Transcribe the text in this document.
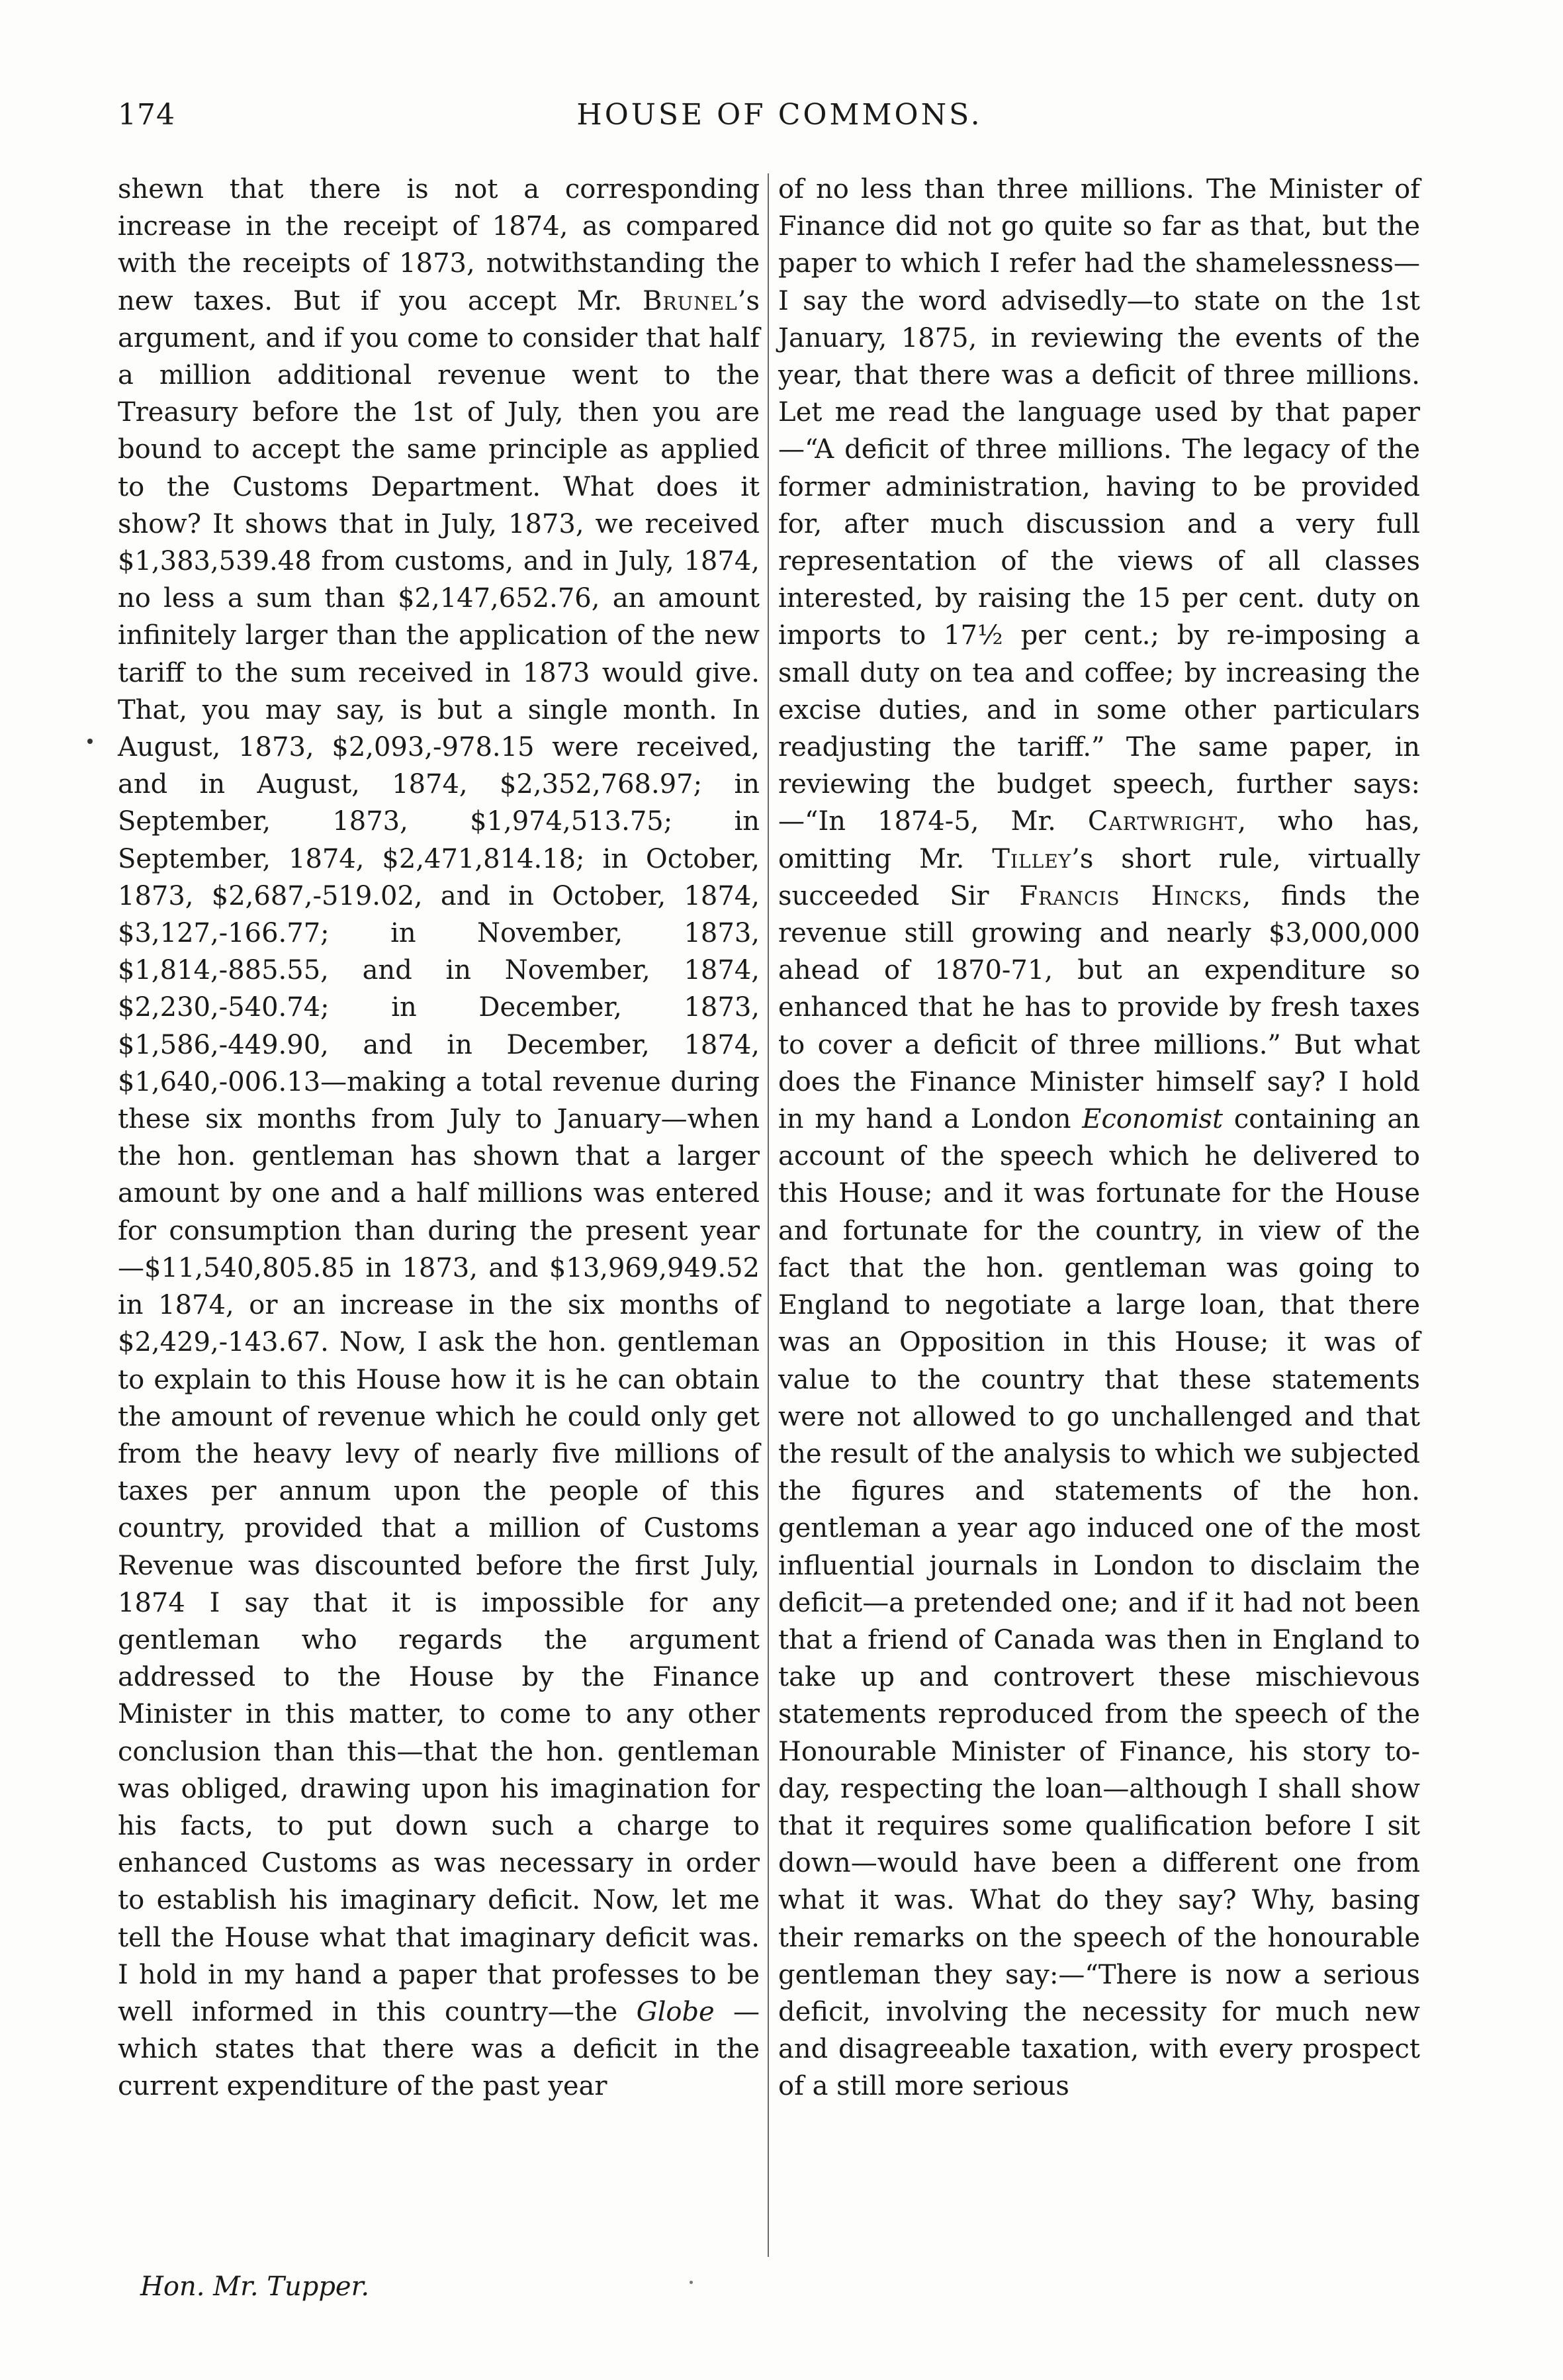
174	HOUSE OF COMMONS.

shewn that there is not a corresponding increase in the receipt of 1874, as compared with the receipts of 1873, notwithstanding the new taxes. But if you accept Mr. Brunel’s argument, and if you come to consider that half a million additional revenue went to the Treasury before the 1st of July, then you are bound to accept the same principle as applied to the Customs Department. What does it show? It shows that in July, 1873, we received $1,383,539.48 from customs, and in July, 1874, no less a sum than $2,147,652.76, an amount infinitely larger than the application of the new tariff to the sum received in 1873 would give. That, you may say, is but a single month. In August, 1873, $2,093,-978.15 were received, and in August, 1874, $2,352,768.97; in September, 1873, $1,974,513.75; in September, 1874, $2,471,814.18; in October, 1873, $2,687,-519.02, and in October, 1874, $3,127,-166.77; in November, 1873, $1,814,-885.55, and in November, 1874, $2,230,-540.74; in December, 1873, $1,586,-449.90, and in December, 1874, $1,640,-006.13—making a total revenue during these six months from July to January—when the hon. gentleman has shown that a larger amount by one and a half millions was entered for consumption than during the present year—$11,540,805.85 in 1873, and $13,969,949.52 in 1874, or an increase in the six months of $2,429,-143.67. Now, I ask the hon. gentleman to explain to this House how it is he can obtain the amount of revenue which he could only get from the heavy levy of nearly five millions of taxes per annum upon the people of this country, provided that a million of Customs Revenue was discounted before the first July, 1874 I say that it is impossible for any gentleman who regards the argument addressed to the House by the Finance Minister in this matter, to come to any other conclusion than this—that the hon. gentleman was obliged, drawing upon his imagination for his facts, to put down such a charge to enhanced Customs as was necessary in order to establish his imaginary deficit. Now, let me tell the House what that imaginary deficit was. I hold in my hand a paper that professes to be well informed in this country—the Globe —which states that there was a deficit in the current expenditure of the past year

of no less than three millions. The Minister of Finance did not go quite so far as that, but the paper to which I refer had the shamelessness—I say the word advisedly—to state on the 1st January, 1875, in reviewing the events of the year, that there was a deficit of three millions. Let me read the language used by that paper—“A deficit of three millions. The legacy of the former administration, having to be provided for, after much discussion and a very full representation of the views of all classes interested, by raising the 15 per cent. duty on imports to 17½ per cent.; by re-imposing a small duty on tea and coffee; by increasing the excise duties, and in some other particulars readjusting the tariff.” The same paper, in reviewing the budget speech, further says:—“In 1874-5, Mr. Cartwright, who has, omitting Mr. Tilley’s short rule, virtually succeeded Sir Francis Hincks, finds the revenue still growing and nearly $3,000,000 ahead of 1870-71, but an expenditure so enhanced that he has to provide by fresh taxes to cover a deficit of three millions.” But what does the Finance Minister himself say? I hold in my hand a London Economist containing an account of the speech which he delivered to this House; and it was fortunate for the House and fortunate for the country, in view of the fact that the hon. gentleman was going to England to negotiate a large loan, that there was an Opposition in this House; it was of value to the country that these statements were not allowed to go unchallenged and that the result of the analysis to which we subjected the figures and statements of the hon. gentleman a year ago induced one of the most influential journals in London to disclaim the deficit—a pretended one; and if it had not been that a friend of Canada was then in England to take up and controvert these mischievous statements reproduced from the speech of the Honourable Minister of Finance, his story to-day, respecting the loan—although I shall show that it requires some qualification before I sit down—would have been a different one from what it was. What do they say? Why, basing their remarks on the speech of the honourable gentleman they say:—“There is now a serious deficit, involving the necessity for much new and disagreeable taxation, with every prospect of a still more serious

Hon. Mr. Tupper.
